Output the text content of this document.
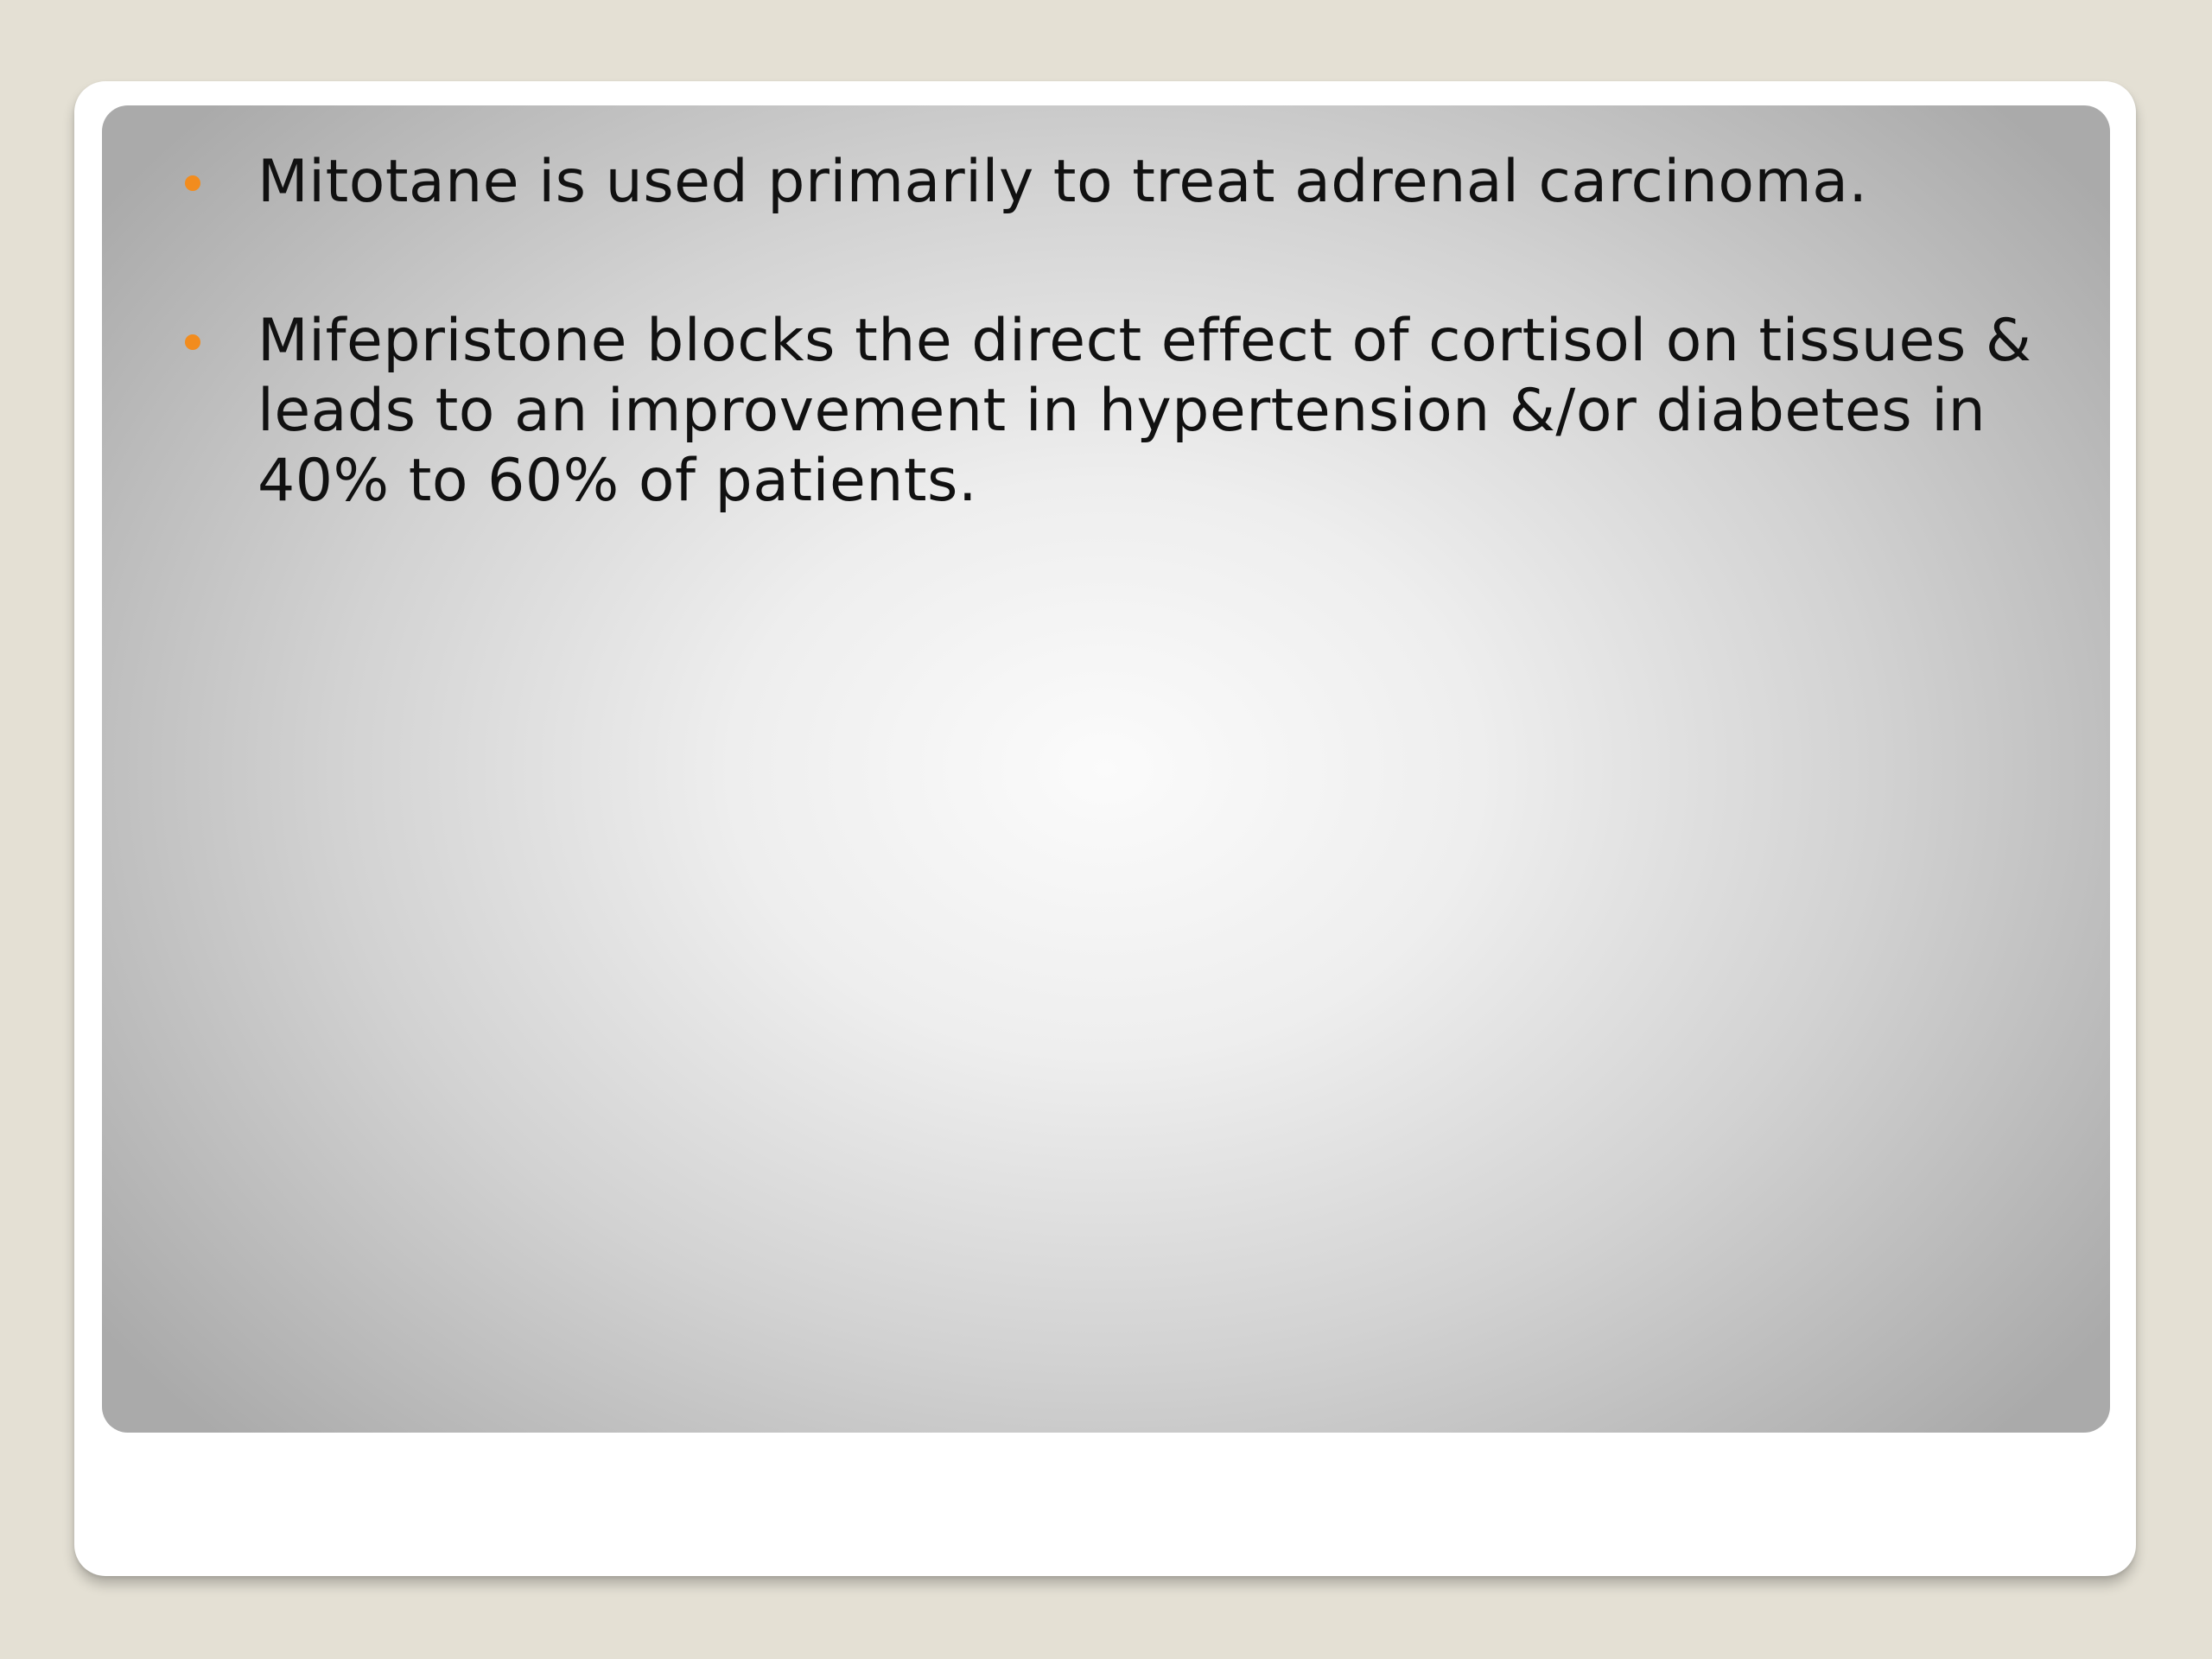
Mitotane is used primarily to treat adrenal carcinoma.
Mifepristone blocks the direct effect of cortisol on tissues &
leads to an improvement in hypertension &/or diabetes in
40% to 60% of patients.
